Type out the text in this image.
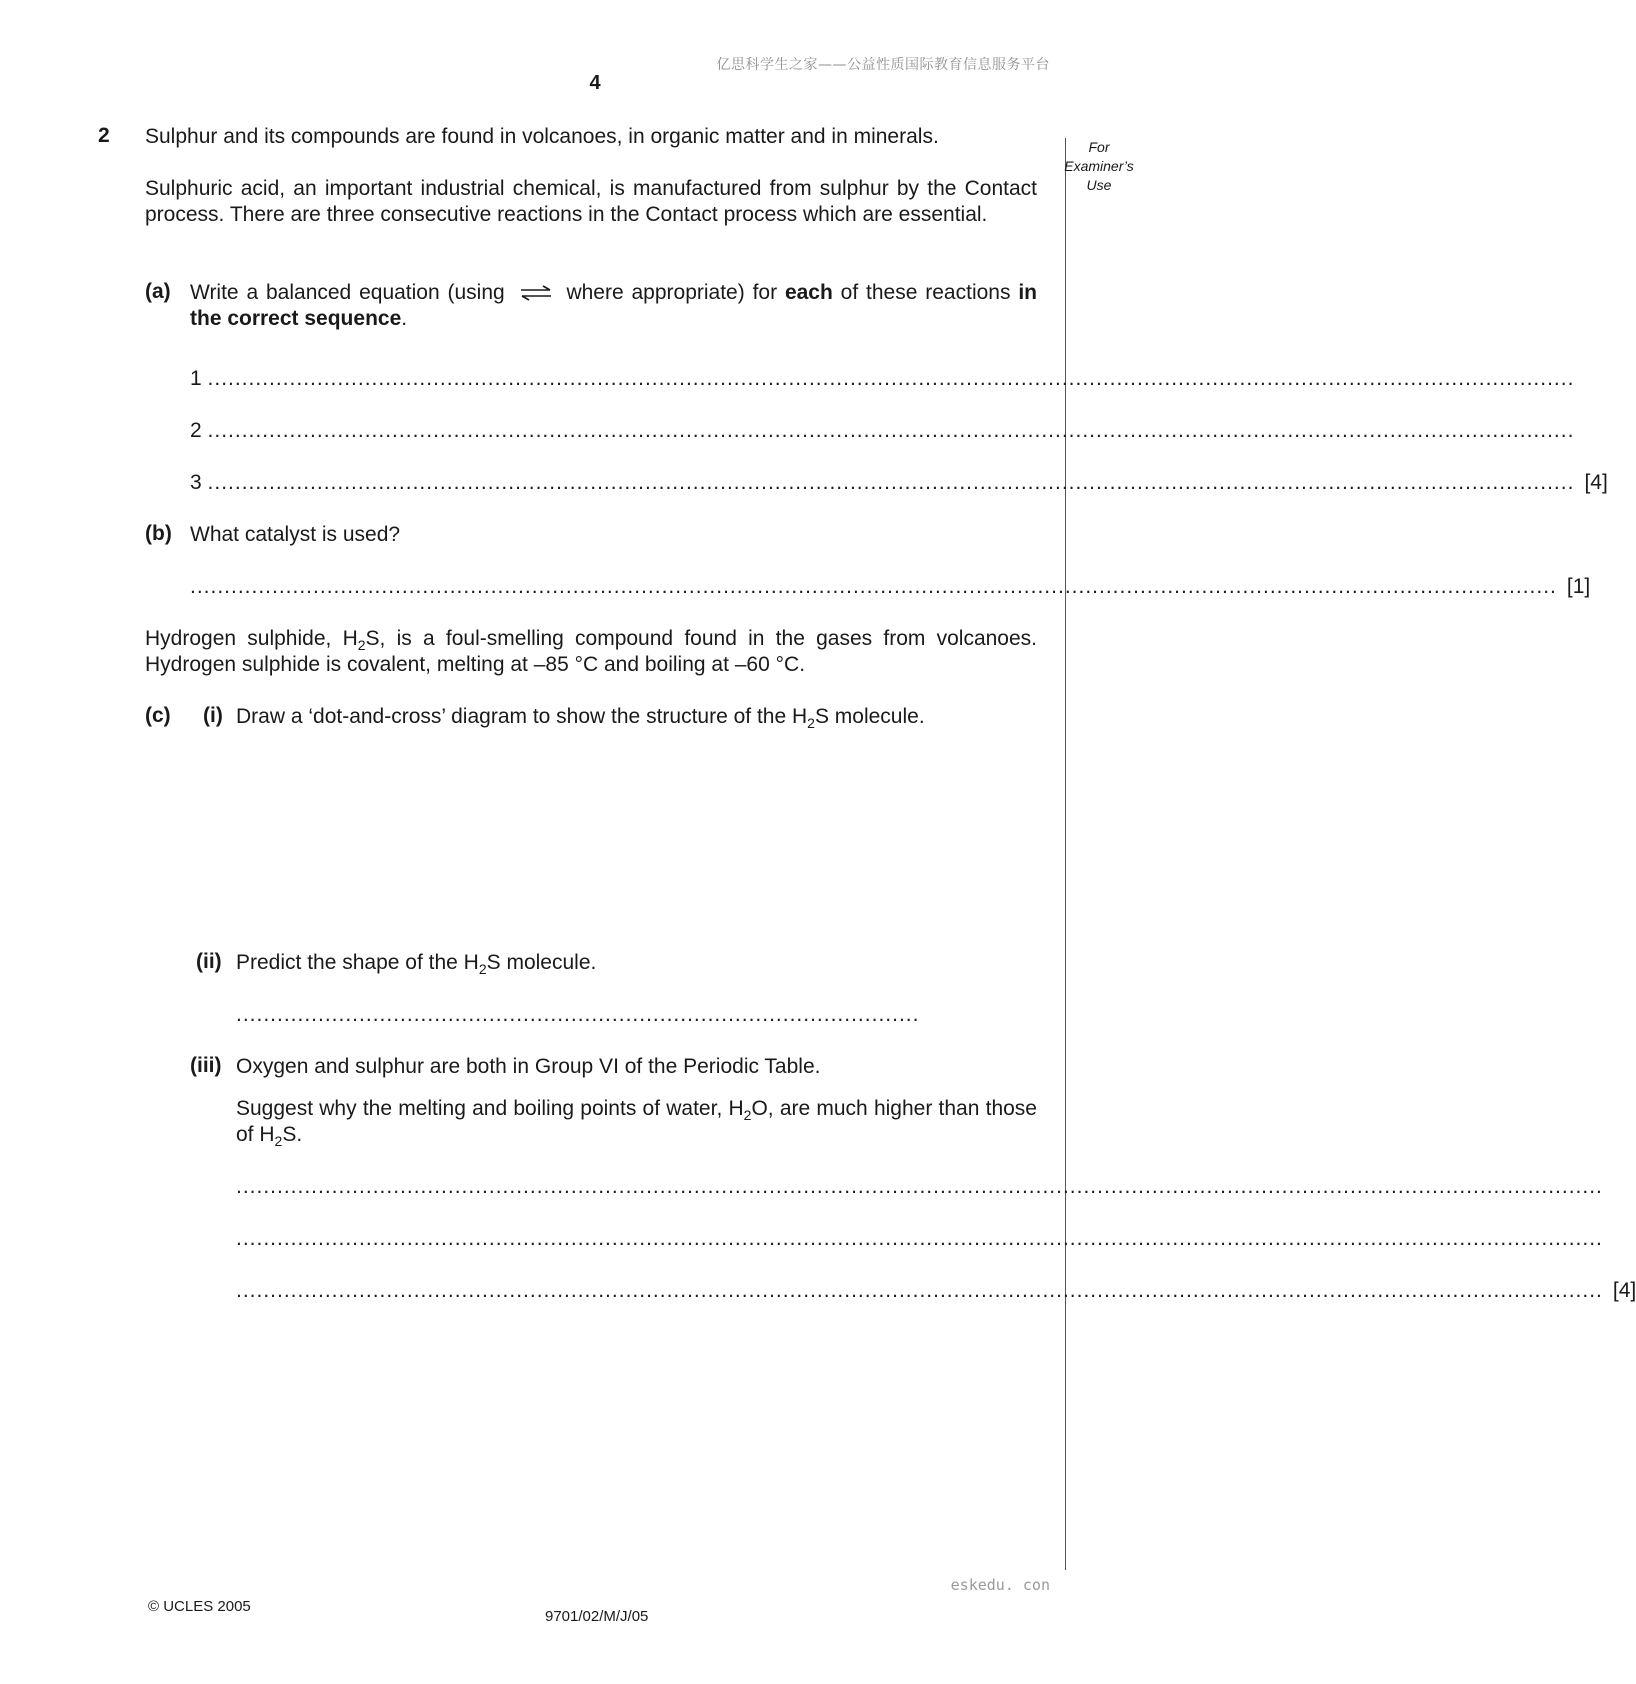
亿思科学生之家——公益性质国际教育信息服务平台
4
For
Examiner’s
Use
2 Sulphur and its compounds are found in volcanoes, in organic matter and in minerals.
Sulphuric acid, an important industrial chemical, is manufactured from sulphur by the Contact process. There are three consecutive reactions in the Contact process which are essential.
(a) Write a balanced equation (using ⇌ where appropriate) for each of these reactions in the correct sequence.
1
........................................................................................................................................................................................................
2
........................................................................................................................................................................................................
3
........................................................................................................................................................................................................ [4]
(b) What catalyst is used?
........................................................................................................................................................................................................ [1]
Hydrogen sulphide, $H_2S$, is a foul-smelling compound found in the gases from volcanoes. Hydrogen sulphide is covalent, melting at –85 °C and boiling at –60 °C.
(c) (i) Draw a ‘dot-and-cross’ diagram to show the structure of the $H_2S$ molecule.
(ii) Predict the shape of the $H_2S$ molecule.
....................................................................................................
(iii) Oxygen and sulphur are both in Group VI of the Periodic Table.
Suggest why the melting and boiling points of water, $H_2O$, are much higher than those of $H_2S$.
........................................................................................................................................................................................................
........................................................................................................................................................................................................
........................................................................................................................................................................................................ [4]
eskedu. con
© UCLES 2005
9701/02/M/J/05
